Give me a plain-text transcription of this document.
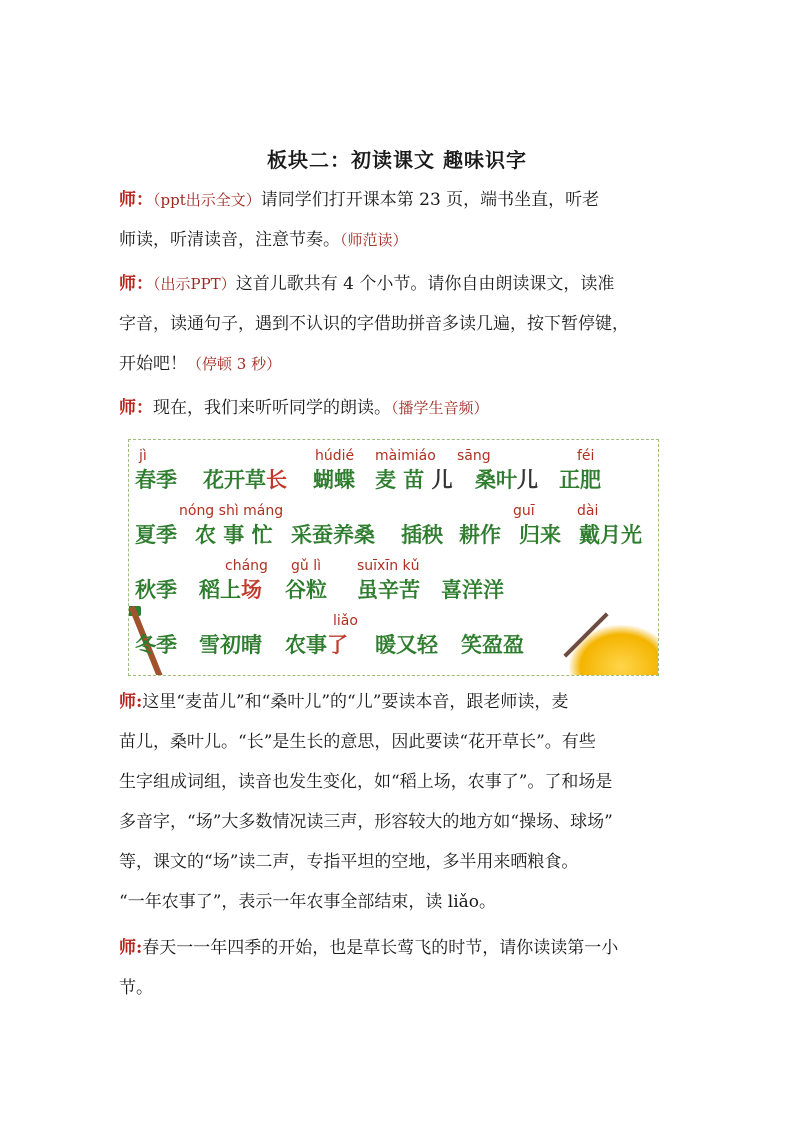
板块二：初读课文 趣味识字
师：（ppt出示全文）请同学们打开课本第 23 页，端书坐直，听老
师读，听清读音，注意节奏。（师范读）
师：（出示PPT）这首儿歌共有 4 个小节。请你自由朗读课文，读准
字音，读通句子，遇到不认识的字借助拼音多读几遍，按下暂停键，
开始吧！（停顿 3 秒）
师：现在，我们来听听同学的朗读。（播学生音频）
jì	húdié màimiáo sāng	féi
春季 花开草长 蝴蝶 麦 苗 儿 桑叶儿 正肥
nóng shì máng	guī	dài
夏季 农 事 忙 采蚕养桑 插秧 耕作 归来 戴月光
cháng gǔ lì	suīxīn kǔ
秋季 稻上场 谷粒 虽辛苦 喜洋洋
liǎo
冬季 雪初晴 农事了 暖又轻 笑盈盈
师:这里“麦苗儿”和“桑叶儿”的“儿”要读本音，跟老师读，麦
苗儿，桑叶儿。“长”是生长的意思，因此要读“花开草长”。有些
生字组成词组，读音也发生变化，如“稻上场，农事了”。了和场是
多音字，“场”大多数情况读三声，形容较大的地方如“操场、球场”
等，课文的“场”读二声，专指平坦的空地，多半用来晒粮食。
“一年农事了”，表示一年农事全部结束，读 liǎo。
师:春天一一年四季的开始，也是草长莺飞的时节，请你读读第一小
节。
